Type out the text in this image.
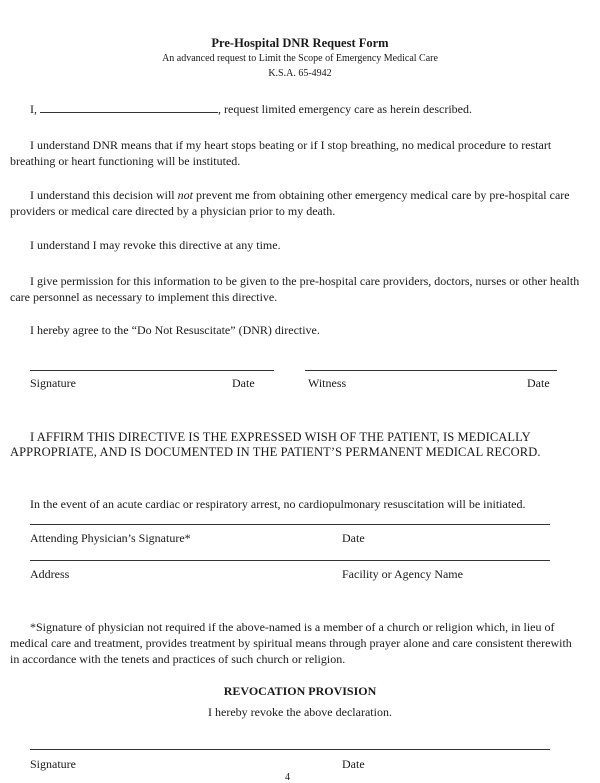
Pre-Hospital DNR Request Form
An advanced request to Limit the Scope of Emergency Medical Care
K.S.A. 65-4942
I,	, request limited emergency care as herein described.
I understand DNR means that if my heart stops beating or if I stop breathing, no medical procedure to restart breathing or heart functioning will be instituted.
I understand this decision will not prevent me from obtaining other emergency medical care by pre-hospital care providers or medical care directed by a physician prior to my death.
I understand I may revoke this directive at any time.
I give permission for this information to be given to the pre-hospital care providers, doctors, nurses or other health care personnel as necessary to implement this directive.
I hereby agree to the “Do Not Resuscitate” (DNR) directive.
Signature	Date	Witness	Date
I AFFIRM THIS DIRECTIVE IS THE EXPRESSED WISH OF THE PATIENT, IS MEDICALLY APPROPRIATE, AND IS DOCUMENTED IN THE PATIENT’S PERMANENT MEDICAL RECORD.
In the event of an acute cardiac or respiratory arrest, no cardiopulmonary resuscitation will be initiated.
Attending Physician’s Signature*	Date
Address	Facility or Agency Name
*Signature of physician not required if the above-named is a member of a church or religion which, in lieu of medical care and treatment, provides treatment by spiritual means through prayer alone and care consistent therewith in accordance with the tenets and practices of such church or religion.
REVOCATION PROVISION
I hereby revoke the above declaration.
Signature	Date
4
